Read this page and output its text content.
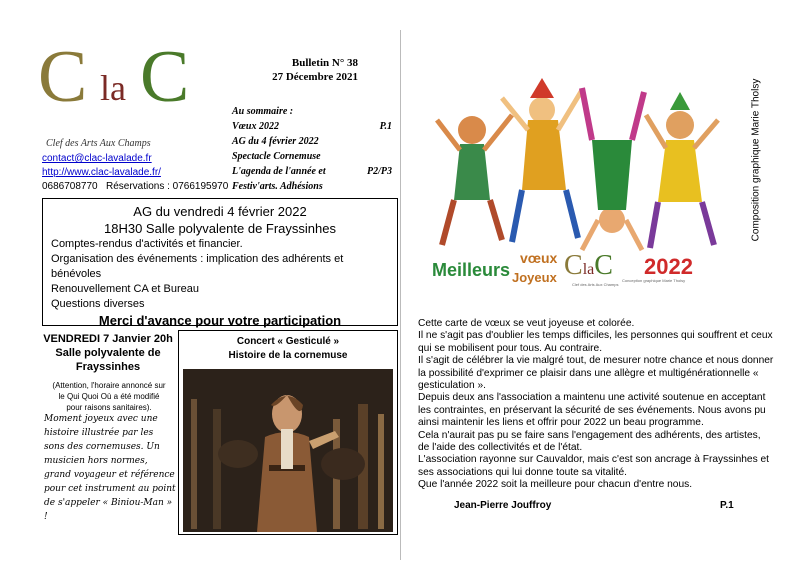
C la C
Clef des Arts Aux Champs
contact@clac-lavalade.fr
http://www.clac-lavalade.fr/
0686708770 Réservations : 0766195970
Bulletin N° 38
27 Décembre 2021
Au sommaire :
Vœux 2022	P.1
AG du 4 février 2022
Spectacle Cornemuse
L'agenda de l'année et	P2/P3
Festiv'arts. Adhésions
AG du vendredi 4 février 2022
18H30 Salle polyvalente de Frayssinhes
Comptes-rendus d'activités et financier.
Organisation des événements : implication des adhérents et bénévoles
Renouvellement CA et Bureau
Questions diverses
Merci d'avance pour votre participation
VENDREDI 7 Janvier 20h
Salle polyvalente de Frayssinhes
(Attention, l'horaire annoncé sur le Qui Quoi Où a été modifié pour raisons sanitaires).
Moment joyeux avec une histoire illustrée par les sons des cornemuses. Un musicien hors normes, grand voyageur et référence pour cet instrument au point de s'appeler « Biniou-Man » !
Concert « Gesticulé »
Histoire de la cornemuse
Meilleurs
vœux
Joyeux ClaC 2022
Clef des Arts Aux Champs
Conception graphique Marie Tholsy
Composition graphique Marie Tholsy
Cette carte de vœux se veut joyeuse et colorée.
Il ne s'agit pas d'oublier les temps difficiles, les personnes qui souffrent et ceux qui se mobilisent pour tous. Au contraire.
Il s'agit de célébrer la vie malgré tout, de mesurer notre chance et nous donner la possibilité d'exprimer ce plaisir dans une allègre et multigénérationnelle « gesticulation ».
Depuis deux ans l'association a maintenu une activité soutenue en acceptant les contraintes, en préservant la sécurité de ses événements. Nous avons pu ainsi maintenir les liens et offrir pour 2022 un beau programme.
Cela n'aurait pas pu se faire sans l'engagement des adhérents, des artistes, de l'aide des collectivités et de l'état.
L'association rayonne sur Cauvaldor, mais c'est son ancrage à Frayssinhes et ses associations qui lui donne toute sa vitalité.
Que l'année 2022 soit la meilleure pour chacun d'entre nous.
Jean-Pierre Jouffroy	P.1
